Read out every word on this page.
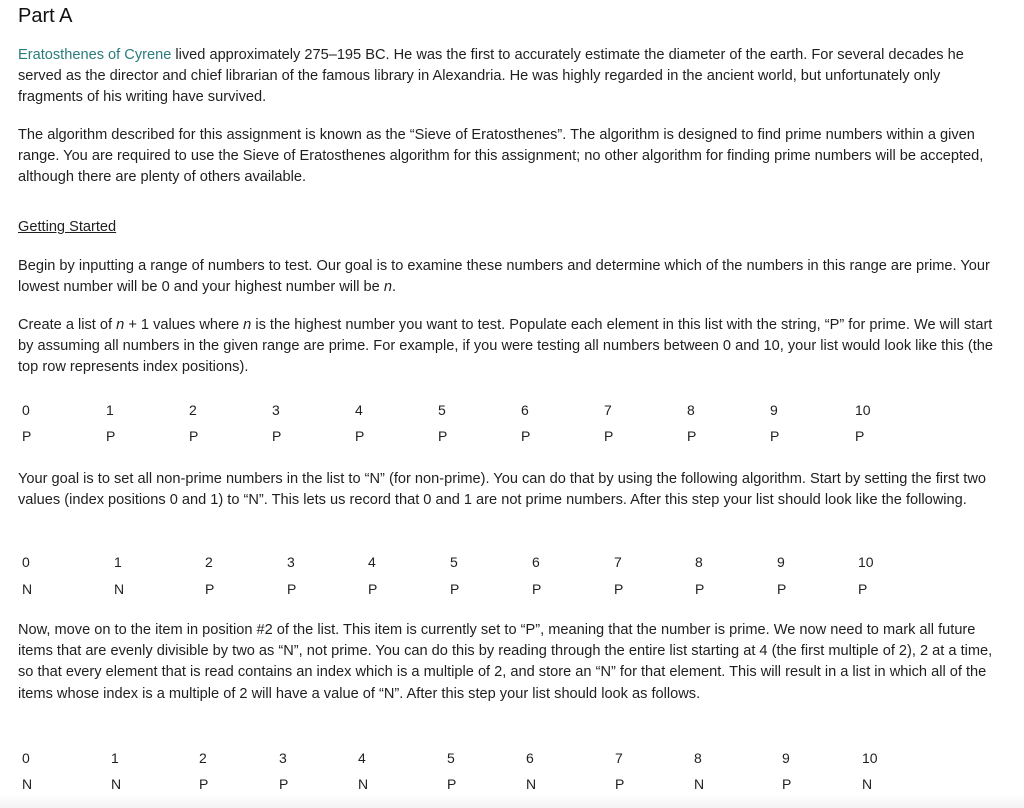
Part A

Eratosthenes of Cyrene lived approximately 275–195 BC. He was the first to accurately estimate the diameter of the earth. For several decades he served as the director and chief librarian of the famous library in Alexandria. He was highly regarded in the ancient world, but unfortunately only fragments of his writing have survived.

The algorithm described for this assignment is known as the “Sieve of Eratosthenes”. The algorithm is designed to find prime numbers within a given range. You are required to use the Sieve of Eratosthenes algorithm for this assignment; no other algorithm for finding prime numbers will be accepted, although there are plenty of others available.

Getting Started

Begin by inputting a range of numbers to test. Our goal is to examine these numbers and determine which of the numbers in this range are prime. Your lowest number will be 0 and your highest number will be n.

Create a list of n + 1 values where n is the highest number you want to test. Populate each element in this list with the string, “P” for prime. We will start by assuming all numbers in the given range are prime. For example, if you were testing all numbers between 0 and 10, your list would look like this (the top row represents index positions).

0	1	2	3	4	5	6	7	8	9	10
P	P	P	P	P	P	P	P	P	P	P

Your goal is to set all non-prime numbers in the list to “N” (for non-prime). You can do that by using the following algorithm. Start by setting the first two values (index positions 0 and 1) to “N”. This lets us record that 0 and 1 are not prime numbers. After this step your list should look like the following.

0	1	2	3	4	5	6	7	8	9	10
N	N	P	P	P	P	P	P	P	P	P

Now, move on to the item in position #2 of the list. This item is currently set to “P”, meaning that the number is prime. We now need to mark all future items that are evenly divisible by two as “N”, not prime. You can do this by reading through the entire list starting at 4 (the first multiple of 2), 2 at a time, so that every element that is read contains an index which is a multiple of 2, and store an “N” for that element. This will result in a list in which all of the items whose index is a multiple of 2 will have a value of “N”. After this step your list should look as follows.

0	1	2	3	4	5	6	7	8	9	10
N	N	P	P	N	P	N	P	N	P	N
